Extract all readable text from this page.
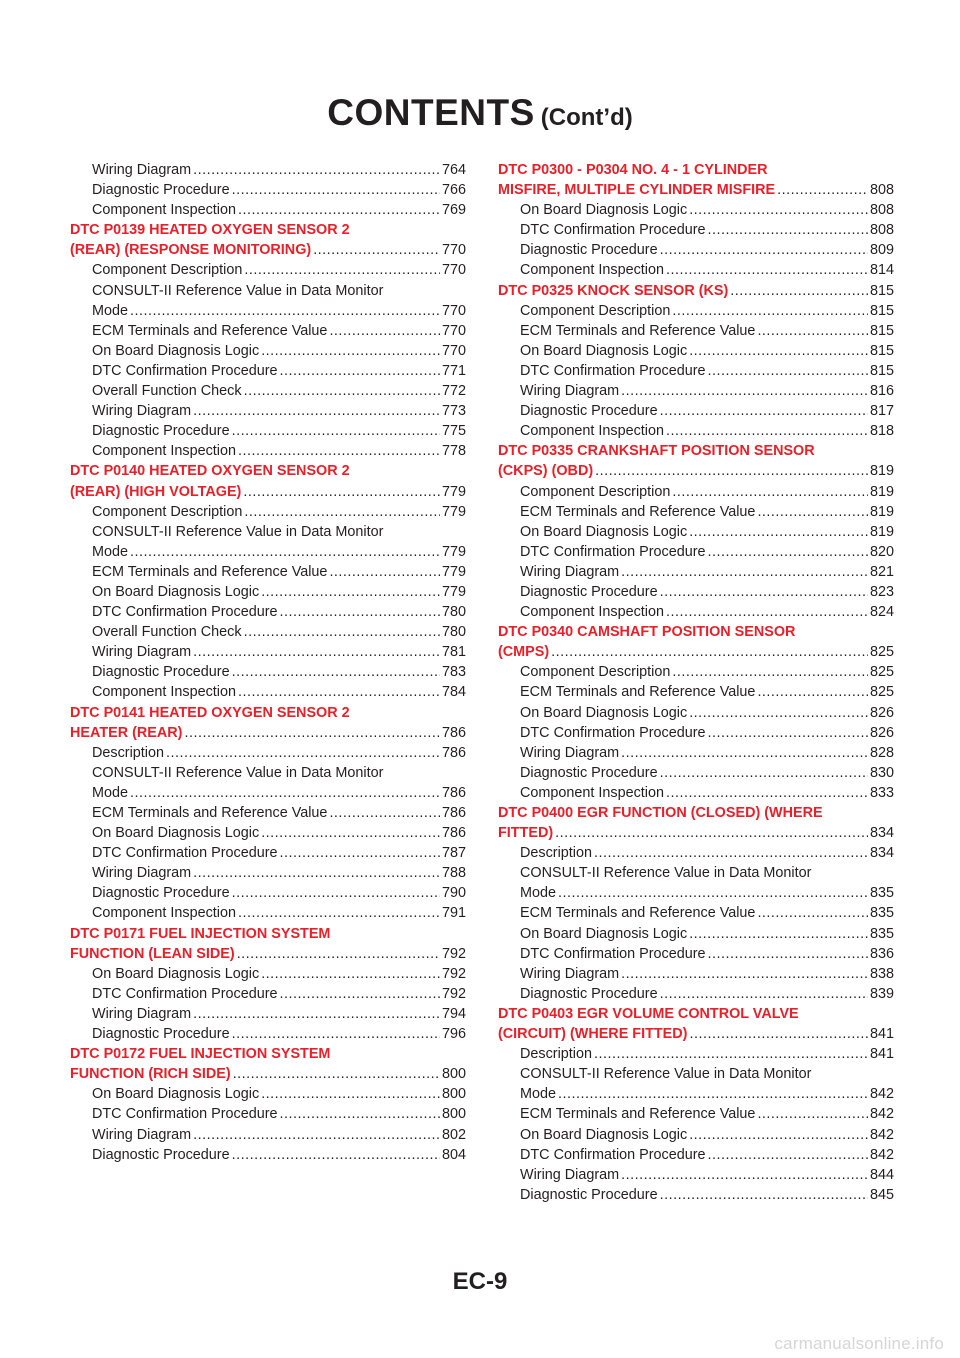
CONTENTS (Cont’d)
Wiring Diagram .....	764
Diagnostic Procedure .....	766
Component Inspection .....	769
DTC P0139 HEATED OXYGEN SENSOR 2
(REAR) (RESPONSE MONITORING) .....	770
Component Description .....	770
CONSULT-II Reference Value in Data Monitor
Mode .....	770
ECM Terminals and Reference Value .....	770
On Board Diagnosis Logic .....	770
DTC Confirmation Procedure .....	771
Overall Function Check .....	772
Wiring Diagram .....	773
Diagnostic Procedure .....	775
Component Inspection .....	778
DTC P0140 HEATED OXYGEN SENSOR 2
(REAR) (HIGH VOLTAGE) .....	779
Component Description .....	779
CONSULT-II Reference Value in Data Monitor
Mode .....	779
ECM Terminals and Reference Value .....	779
On Board Diagnosis Logic .....	779
DTC Confirmation Procedure .....	780
Overall Function Check .....	780
Wiring Diagram .....	781
Diagnostic Procedure .....	783
Component Inspection .....	784
DTC P0141 HEATED OXYGEN SENSOR 2
HEATER (REAR) .....	786
Description .....	786
CONSULT-II Reference Value in Data Monitor
Mode .....	786
ECM Terminals and Reference Value .....	786
On Board Diagnosis Logic .....	786
DTC Confirmation Procedure .....	787
Wiring Diagram .....	788
Diagnostic Procedure .....	790
Component Inspection .....	791
DTC P0171 FUEL INJECTION SYSTEM
FUNCTION (LEAN SIDE) .....	792
On Board Diagnosis Logic .....	792
DTC Confirmation Procedure .....	792
Wiring Diagram .....	794
Diagnostic Procedure .....	796
DTC P0172 FUEL INJECTION SYSTEM
FUNCTION (RICH SIDE) .....	800
On Board Diagnosis Logic .....	800
DTC Confirmation Procedure .....	800
Wiring Diagram .....	802
Diagnostic Procedure .....	804
DTC P0300 - P0304 NO. 4 - 1 CYLINDER
MISFIRE, MULTIPLE CYLINDER MISFIRE .....	808
On Board Diagnosis Logic .....	808
DTC Confirmation Procedure .....	808
Diagnostic Procedure .....	809
Component Inspection .....	814
DTC P0325 KNOCK SENSOR (KS) .....	815
Component Description .....	815
ECM Terminals and Reference Value .....	815
On Board Diagnosis Logic .....	815
DTC Confirmation Procedure .....	815
Wiring Diagram .....	816
Diagnostic Procedure .....	817
Component Inspection .....	818
DTC P0335 CRANKSHAFT POSITION SENSOR
(CKPS) (OBD) .....	819
Component Description .....	819
ECM Terminals and Reference Value .....	819
On Board Diagnosis Logic .....	819
DTC Confirmation Procedure .....	820
Wiring Diagram .....	821
Diagnostic Procedure .....	823
Component Inspection .....	824
DTC P0340 CAMSHAFT POSITION SENSOR
(CMPS) .....	825
Component Description .....	825
ECM Terminals and Reference Value .....	825
On Board Diagnosis Logic .....	826
DTC Confirmation Procedure .....	826
Wiring Diagram .....	828
Diagnostic Procedure .....	830
Component Inspection .....	833
DTC P0400 EGR FUNCTION (CLOSED) (WHERE
FITTED) .....	834
Description .....	834
CONSULT-II Reference Value in Data Monitor
Mode .....	835
ECM Terminals and Reference Value .....	835
On Board Diagnosis Logic .....	835
DTC Confirmation Procedure .....	836
Wiring Diagram .....	838
Diagnostic Procedure .....	839
DTC P0403 EGR VOLUME CONTROL VALVE
(CIRCUIT) (WHERE FITTED) .....	841
Description .....	841
CONSULT-II Reference Value in Data Monitor
Mode .....	842
ECM Terminals and Reference Value .....	842
On Board Diagnosis Logic .....	842
DTC Confirmation Procedure .....	842
Wiring Diagram .....	844
Diagnostic Procedure .....	845
EC-9
carmanualsonline.info
